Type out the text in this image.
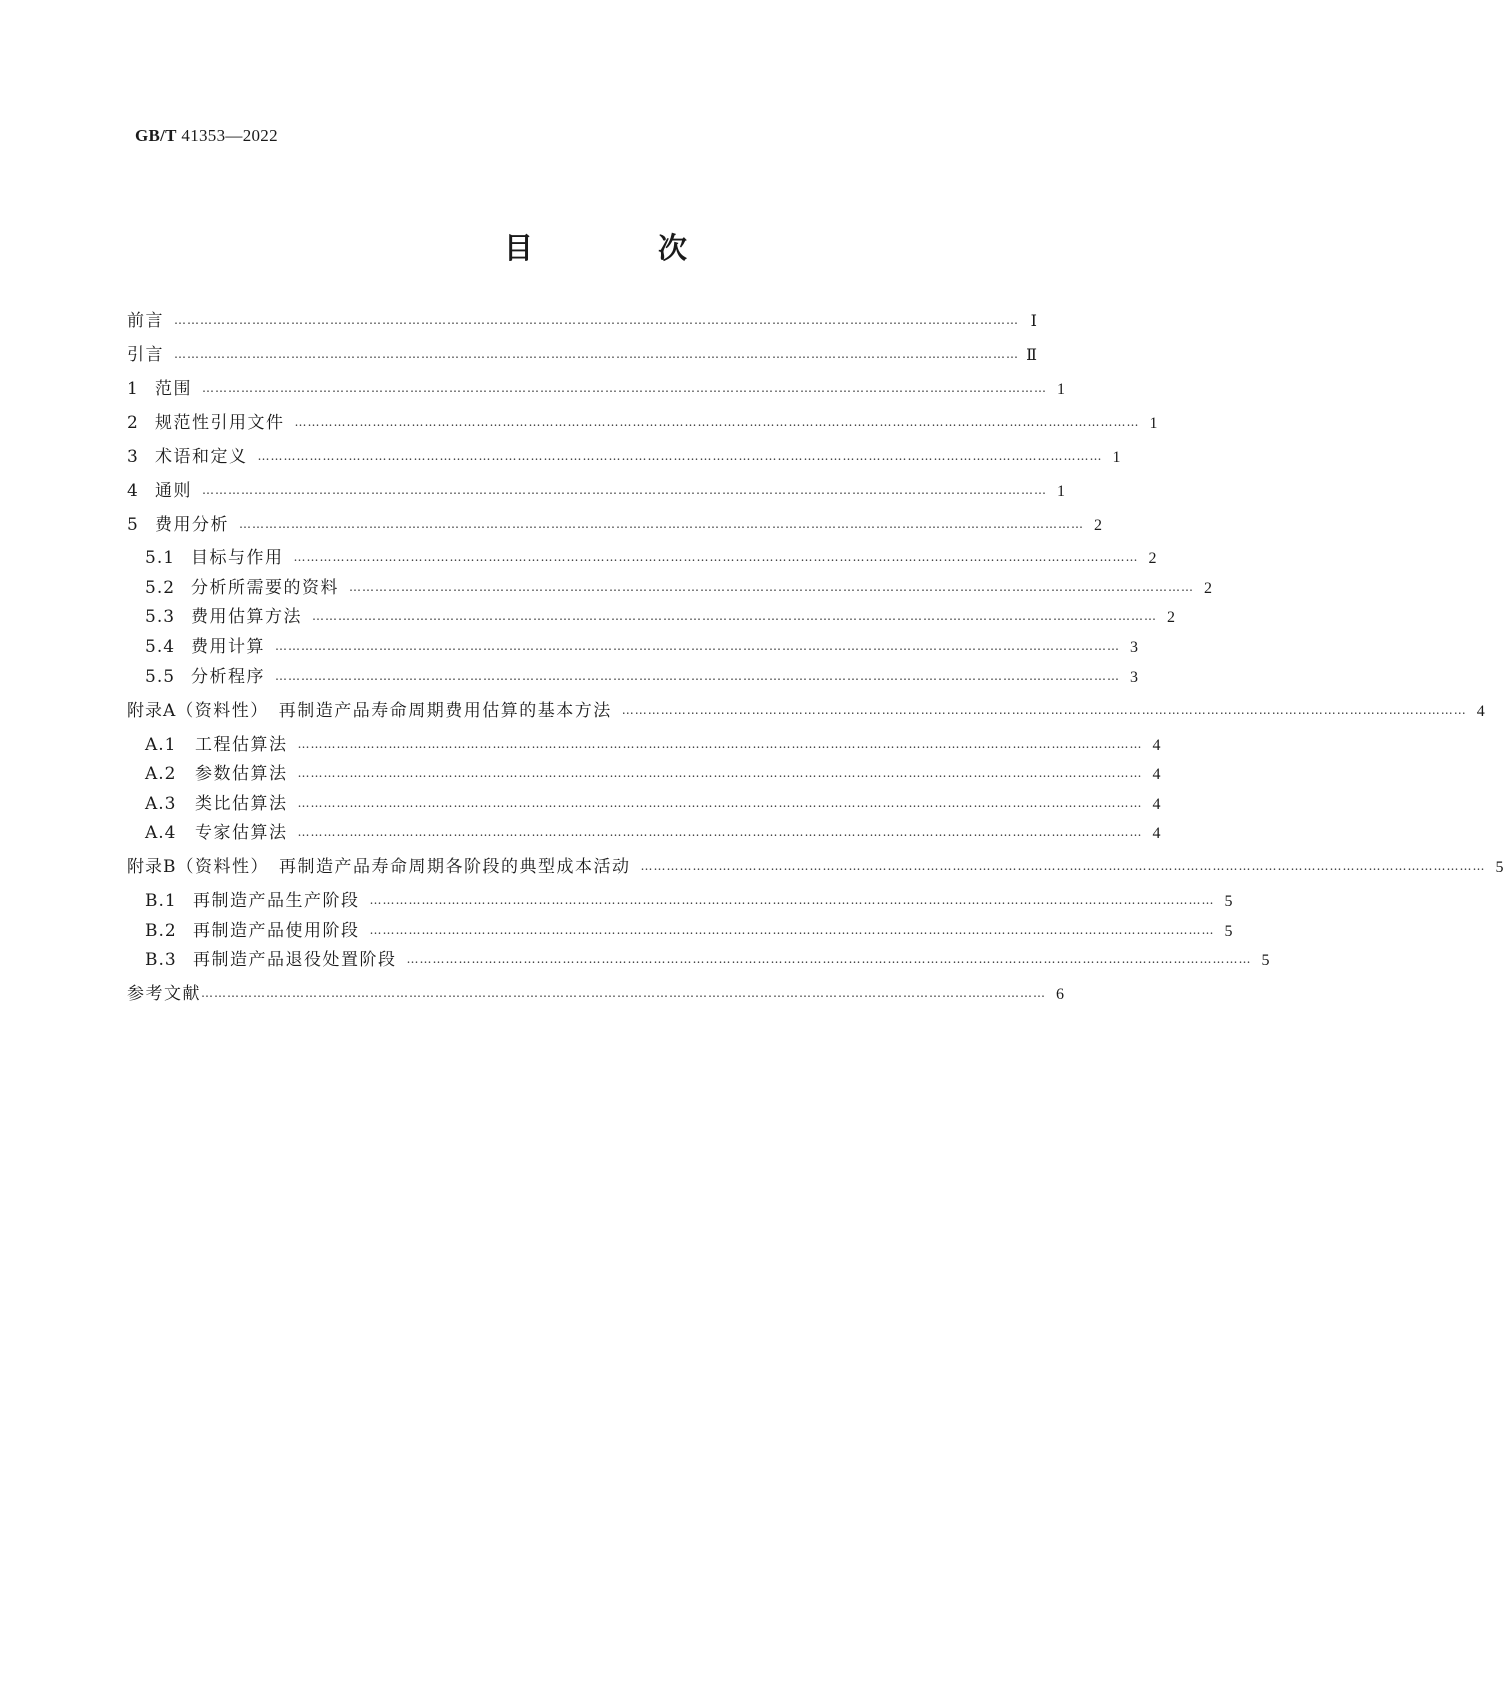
GB/T 41353—2022
目　次
前言 …………………………………………………………………………………………………………………………………………………………………………… Ⅰ
引言 …………………………………………………………………………………………………………………………………………………………………………… Ⅱ
1 范围 …………………………………………………………………………………………………………………………………………………………………………… 1
2 规范性引用文件 …………………………………………………………………………………………………………………………………………………………………………… 1
3 术语和定义 …………………………………………………………………………………………………………………………………………………………………………… 1
4 通则 …………………………………………………………………………………………………………………………………………………………………………… 1
5 费用分析 …………………………………………………………………………………………………………………………………………………………………………… 2
5.1 目标与作用 …………………………………………………………………………………………………………………………………………………………………………… 2
5.2 分析所需要的资料 …………………………………………………………………………………………………………………………………………………………………………… 2
5.3 费用估算方法 …………………………………………………………………………………………………………………………………………………………………………… 2
5.4 费用计算 …………………………………………………………………………………………………………………………………………………………………………… 3
5.5 分析程序 …………………………………………………………………………………………………………………………………………………………………………… 3
附录A（资料性）　再制造产品寿命周期费用估算的基本方法 …………………………………………………………………………………………………………………………………………………………………………… 4
A.1 工程估算法 …………………………………………………………………………………………………………………………………………………………………………… 4
A.2 参数估算法 …………………………………………………………………………………………………………………………………………………………………………… 4
A.3 类比估算法 …………………………………………………………………………………………………………………………………………………………………………… 4
A.4 专家估算法 …………………………………………………………………………………………………………………………………………………………………………… 4
附录B（资料性）　再制造产品寿命周期各阶段的典型成本活动 …………………………………………………………………………………………………………………………………………………………………………… 5
B.1 再制造产品生产阶段 …………………………………………………………………………………………………………………………………………………………………………… 5
B.2 再制造产品使用阶段 …………………………………………………………………………………………………………………………………………………………………………… 5
B.3 再制造产品退役处置阶段 …………………………………………………………………………………………………………………………………………………………………………… 5
参考文献 …………………………………………………………………………………………………………………………………………………………………………… 6
